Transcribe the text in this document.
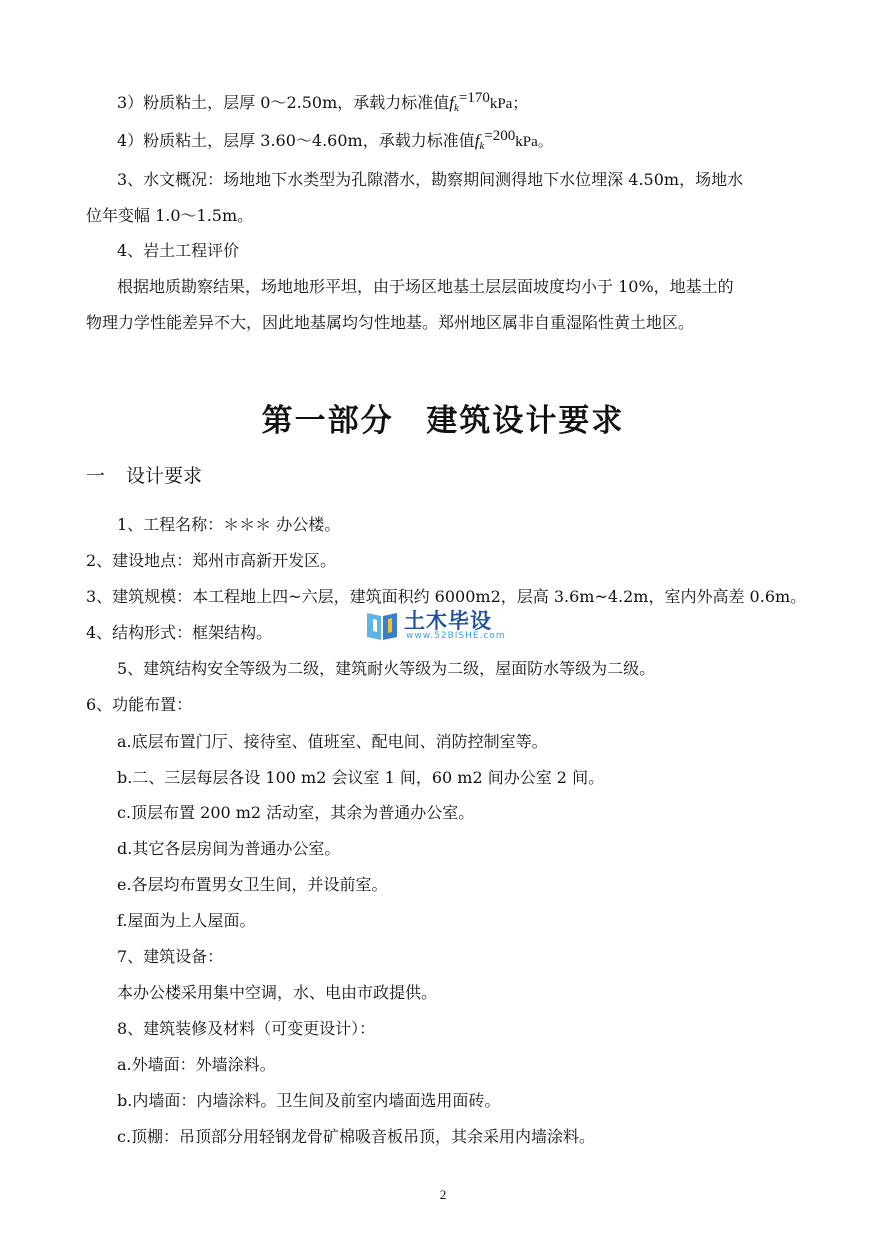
3）粉质粘土，层厚 0～2.50m，承载力标准值$f_k=170kPa$；
4）粉质粘土，层厚 3.60～4.60m，承载力标准值$f_k=200kPa$。
3、水文概况：场地地下水类型为孔隙潜水，勘察期间测得地下水位埋深 4.50m，场地水
位年变幅 1.0～1.5m。
4、岩土工程评价
根据地质勘察结果，场地地形平坦，由于场区地基土层层面坡度均小于 10%，地基土的
物理力学性能差异不大，因此地基属均匀性地基。郑州地区属非自重湿陷性黄土地区。
第一部分 建筑设计要求
一 设计要求
1、工程名称：＊＊＊ 办公楼。
2、建设地点：郑州市高新开发区。
3、建筑规模：本工程地上四~六层，建筑面积约 6000m2，层高 3.6m~4.2m，室内外高差 0.6m。
4、结构形式：框架结构。	土木毕设
www.52BISHE.com
5、建筑结构安全等级为二级，建筑耐火等级为二级，屋面防水等级为二级。
6、功能布置：
a.底层布置门厅、接待室、值班室、配电间、消防控制室等。
b.二、三层每层各设 100 m2 会议室 1 间，60 m2 间办公室 2 间。
c.顶层布置 200 m2 活动室，其余为普通办公室。
d.其它各层房间为普通办公室。
e.各层均布置男女卫生间，并设前室。
f.屋面为上人屋面。
7、建筑设备：
本办公楼采用集中空调，水、电由市政提供。
8、建筑装修及材料（可变更设计）：
a.外墙面：外墙涂料。
b.内墙面：内墙涂料。卫生间及前室内墙面选用面砖。
c.顶棚：吊顶部分用轻钢龙骨矿棉吸音板吊顶，其余采用内墙涂料。
2
